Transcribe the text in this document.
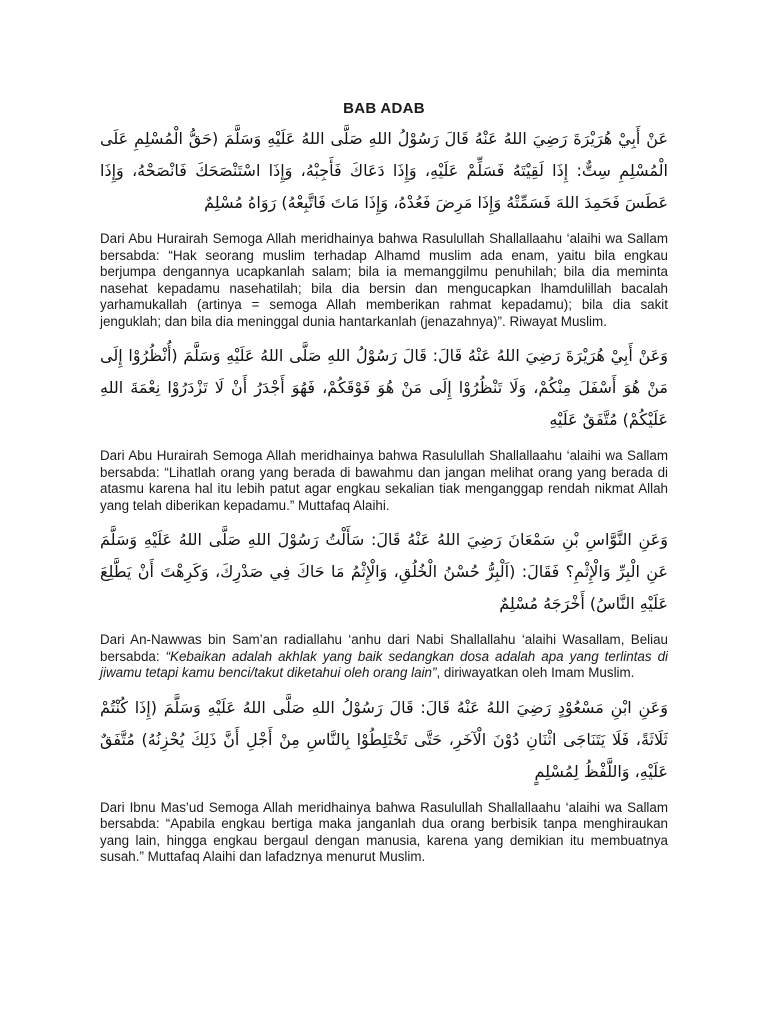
BAB ADAB

عَنْ أَبِيْ هُرَيْرَةَ رَضِيَ اللهُ عَنْهُ قَالَ رَسُوْلُ اللهِ صَلَّى اللهُ عَلَيْهِ وَسَلَّمَ (حَقُّ الْمُسْلِمِ عَلَى الْمُسْلِمِ سِتٌّ: إِذَا لَقِيْتَهُ فَسَلِّمْ عَلَيْهِ، وَإِذَا دَعَاكَ فَأَجِبْهُ، وَإِذَا اسْتَنْصَحَكَ فَانْصَحْهُ، وَإِذَا عَطَسَ فَحَمِدَ اللهَ فَسَمِّتْهُ وَإِذَا مَرِضَ فَعُدْهُ، وَإِذَا مَاتَ فَاتَّبِعْهُ) رَوَاهُ مُسْلِمٌ

Dari Abu Hurairah Semoga Allah meridhainya bahwa Rasulullah Shallallaahu ‘alaihi wa Sallam bersabda: “Hak seorang muslim terhadap Alhamd muslim ada enam, yaitu bila engkau berjumpa dengannya ucapkanlah salam; bila ia memanggilmu penuhilah; bila dia meminta nasehat kepadamu nasehatilah; bila dia bersin dan mengucapkan lhamdulillah bacalah yarhamukallah (artinya = semoga Allah memberikan rahmat kepadamu); bila dia sakit jenguklah; dan bila dia meninggal dunia hantarkanlah (jenazahnya)”. Riwayat Muslim.

وَعَنْ أَبِيْ هُرَيْرَةَ رَضِيَ اللهُ عَنْهُ قَالَ: قَالَ رَسُوْلُ اللهِ صَلَّى اللهُ عَلَيْهِ وَسَلَّمَ (أُنْظُرُوْا إِلَى مَنْ هُوَ أَسْفَلَ مِنْكُمْ، وَلَا تَنْظُرُوْا إِلَى مَنْ هُوَ فَوْقَكُمْ، فَهُوَ أَجْدَرُ أَنْ لَا تَزْدَرُوْا نِعْمَةَ اللهِ عَلَيْكُمْ) مُتَّفَقٌ عَلَيْهِ

Dari Abu Hurairah Semoga Allah meridhainya bahwa Rasulullah Shallallaahu ‘alaihi wa Sallam bersabda: “Lihatlah orang yang berada di bawahmu dan jangan melihat orang yang berada di atasmu karena hal itu lebih patut agar engkau sekalian tiak menganggap rendah nikmat Allah yang telah diberikan kepadamu.” Muttafaq Alaihi.

وَعَنِ النَّوَّاسِ بْنِ سَمْعَانَ رَضِيَ اللهُ عَنْهُ قَالَ: سَأَلْتُ رَسُوْلَ اللهِ صَلَّى اللهُ عَلَيْهِ وَسَلَّمَ عَنِ الْبِرِّ وَالْإِثْمِ؟ فَقَالَ: (اَلْبِرُّ حُسْنُ الْخُلُقِ، وَالْإِثْمُ مَا حَاكَ فِي صَدْرِكَ، وَكَرِهْتَ أَنْ يَطَّلِعَ عَلَيْهِ النَّاسُ) أَخْرَجَهُ مُسْلِمٌ

Dari An-Nawwas bin Sam’an radiallahu ‘anhu dari Nabi Shallallahu ‘alaihi Wasallam, Beliau bersabda: “Kebaikan adalah akhlak yang baik sedangkan dosa adalah apa yang terlintas di jiwamu tetapi kamu benci/takut diketahui oleh orang lain”, diriwayatkan oleh Imam Muslim.

وَعَنِ ابْنِ مَسْعُوْدٍ رَضِيَ اللهُ عَنْهُ قَالَ: قَالَ رَسُوْلُ اللهِ صَلَّى اللهُ عَلَيْهِ وَسَلَّمَ (إِذَا كُنْتُمْ ثَلَاثَةً، فَلَا يَتَنَاجَى اثْنَانِ دُوْنَ الْآخَرِ، حَتَّى تَخْتَلِطُوْا بِالنَّاسِ مِنْ أَجْلِ أَنَّ ذَلِكَ يُحْزِنُهُ) مُتَّفَقٌ عَلَيْهِ، وَاللَّفْظُ لِمُسْلِمٍ

Dari Ibnu Mas’ud Semoga Allah meridhainya bahwa Rasulullah Shallallaahu ‘alaihi wa Sallam bersabda: “Apabila engkau bertiga maka janganlah dua orang berbisik tanpa menghiraukan yang lain, hingga engkau bergaul dengan manusia, karena yang demikian itu membuatnya susah.” Muttafaq Alaihi dan lafadznya menurut Muslim.
